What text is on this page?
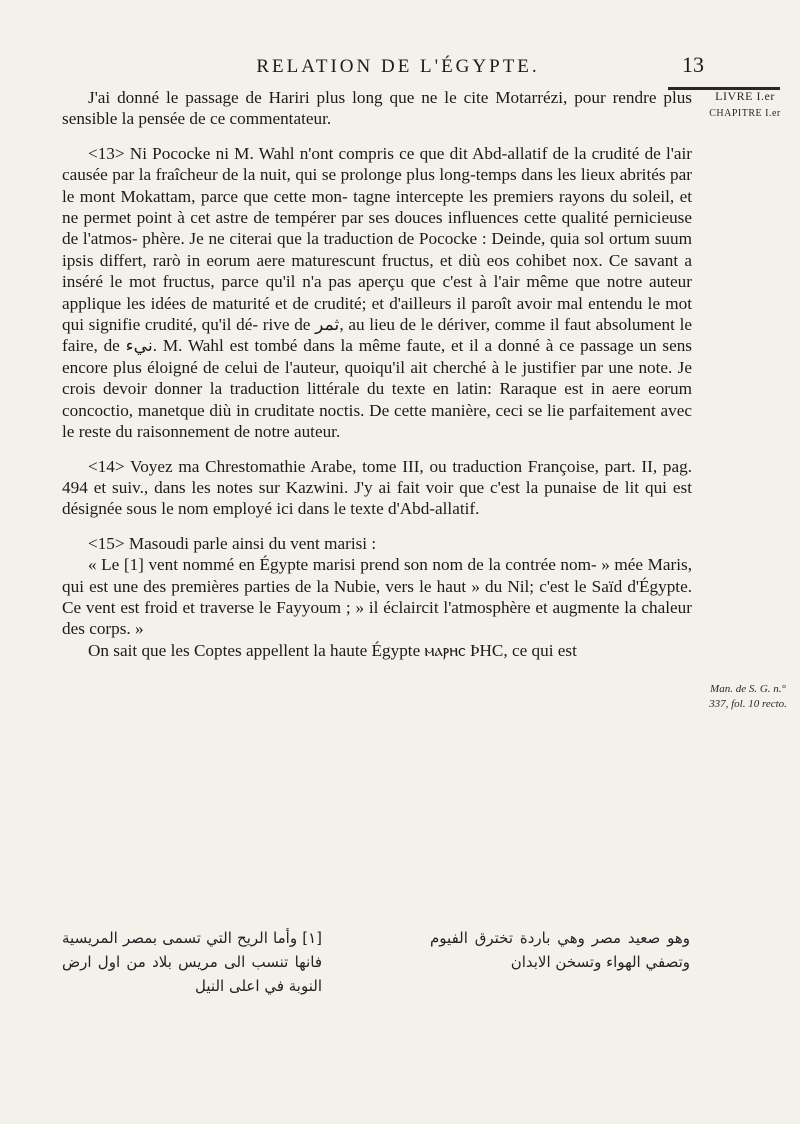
RELATION DE L'ÉGYPTE.	13
LIVRE I.er
CHAPITRE I.er
Man. de S. G. n.° 337, fol. 10 recto.

J'ai donné le passage de Hariri plus long que ne le cite Motarrézi, pour rendre plus sensible la pensée de ce commentateur.

<13> Ni Pococke ni M. Wahl n'ont compris ce que dit Abd-allatif de la crudité de l'air causée par la fraîcheur de la nuit, qui se prolonge plus long-temps dans les lieux abrités par le mont Mokattam, parce que cette mon- tagne intercepte les premiers rayons du soleil, et ne permet point à cet astre de tempérer par ses douces influences cette qualité pernicieuse de l'atmos- phère. Je ne citerai que la traduction de Pococke : Deinde, quia sol ortum suum ipsis differt, rarò in eorum aere maturescunt fructus, et diù eos cohibet nox. Ce savant a inséré le mot fructus, parce qu'il n'a pas aperçu que c'est à l'air même que notre auteur applique les idées de maturité et de crudité; et d'ailleurs il paroît avoir mal entendu le mot qui signifie crudité, qu'il dé- rive de ثمر, au lieu de le dériver, comme il faut absolument le faire, de نيء. M. Wahl est tombé dans la même faute, et il a donné à ce passage un sens encore plus éloigné de celui de l'auteur, quoiqu'il ait cherché à le justifier par une note. Je crois devoir donner la traduction littérale du texte en latin: Raraque est in aere eorum concoctio, manetque diù in cruditate noctis. De cette manière, ceci se lie parfaitement avec le reste du raisonnement de notre auteur.

<14> Voyez ma Chrestomathie Arabe, tome III, ou traduction Françoise, part. II, pag. 494 et suiv., dans les notes sur Kazwini. J'y ai fait voir que c'est la punaise de lit qui est désignée sous le nom employé ici dans le texte d'Abd-allatif.

<15> Masoudi parle ainsi du vent marisi :

« Le [1] vent nommé en Égypte marisi prend son nom de la contrée nom- » mée Maris, qui est une des premières parties de la Nubie, vers le haut » du Nil; c'est le Saïd d'Égypte. Ce vent est froid et traverse le Fayyoum ; » il éclaircit l'atmosphère et augmente la chaleur des corps. »

On sait que les Coptes appellent la haute Égypte ⲙⲁⲣⲏⲥ ϷΗС, ce qui est

[١] وأما الريح التي تسمى بمصر المريسية فانها تنسب الى مريس بلاد من اول ارض النوبة في اعلى النيل
وهو صعيد مصر وهي باردة تخترق الفيوم وتصفي الهواء وتسخن الابدان
